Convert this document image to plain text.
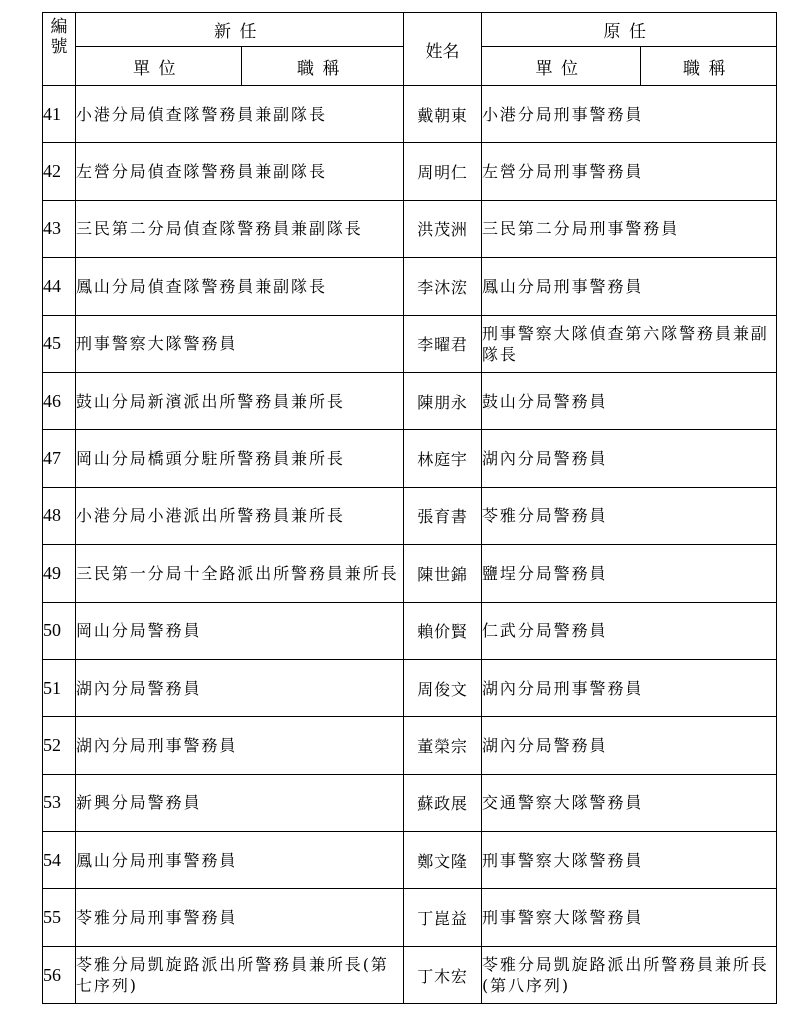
編
號	新任		姓名	原任	
	單位	職稱		單位	職稱
41	小港分局偵查隊警務員兼副隊長		戴朝東	小港分局刑事警務員	
42	左營分局偵查隊警務員兼副隊長		周明仁	左營分局刑事警務員	
43	三民第二分局偵查隊警務員兼副隊長		洪茂洲	三民第二分局刑事警務員	
44	鳳山分局偵查隊警務員兼副隊長		李沐浤	鳳山分局刑事警務員	
45	刑事警察大隊警務員		李曜君	刑事警察大隊偵查第六隊警務員兼副隊長	
46	鼓山分局新濱派出所警務員兼所長		陳朋永	鼓山分局警務員	
47	岡山分局橋頭分駐所警務員兼所長		林庭宇	湖內分局警務員	
48	小港分局小港派出所警務員兼所長		張育書	苓雅分局警務員	
49	三民第一分局十全路派出所警務員兼所長		陳世錦	鹽埕分局警務員	
50	岡山分局警務員		賴价賢	仁武分局警務員	
51	湖內分局警務員		周俊文	湖內分局刑事警務員	
52	湖內分局刑事警務員		董榮宗	湖內分局警務員	
53	新興分局警務員		蘇政展	交通警察大隊警務員	
54	鳳山分局刑事警務員		鄭文隆	刑事警察大隊警務員	
55	苓雅分局刑事警務員		丁崑益	刑事警察大隊警務員	
56	苓雅分局凱旋路派出所警務員兼所長(第七序列)		丁木宏	苓雅分局凱旋路派出所警務員兼所長(第八序列)	
